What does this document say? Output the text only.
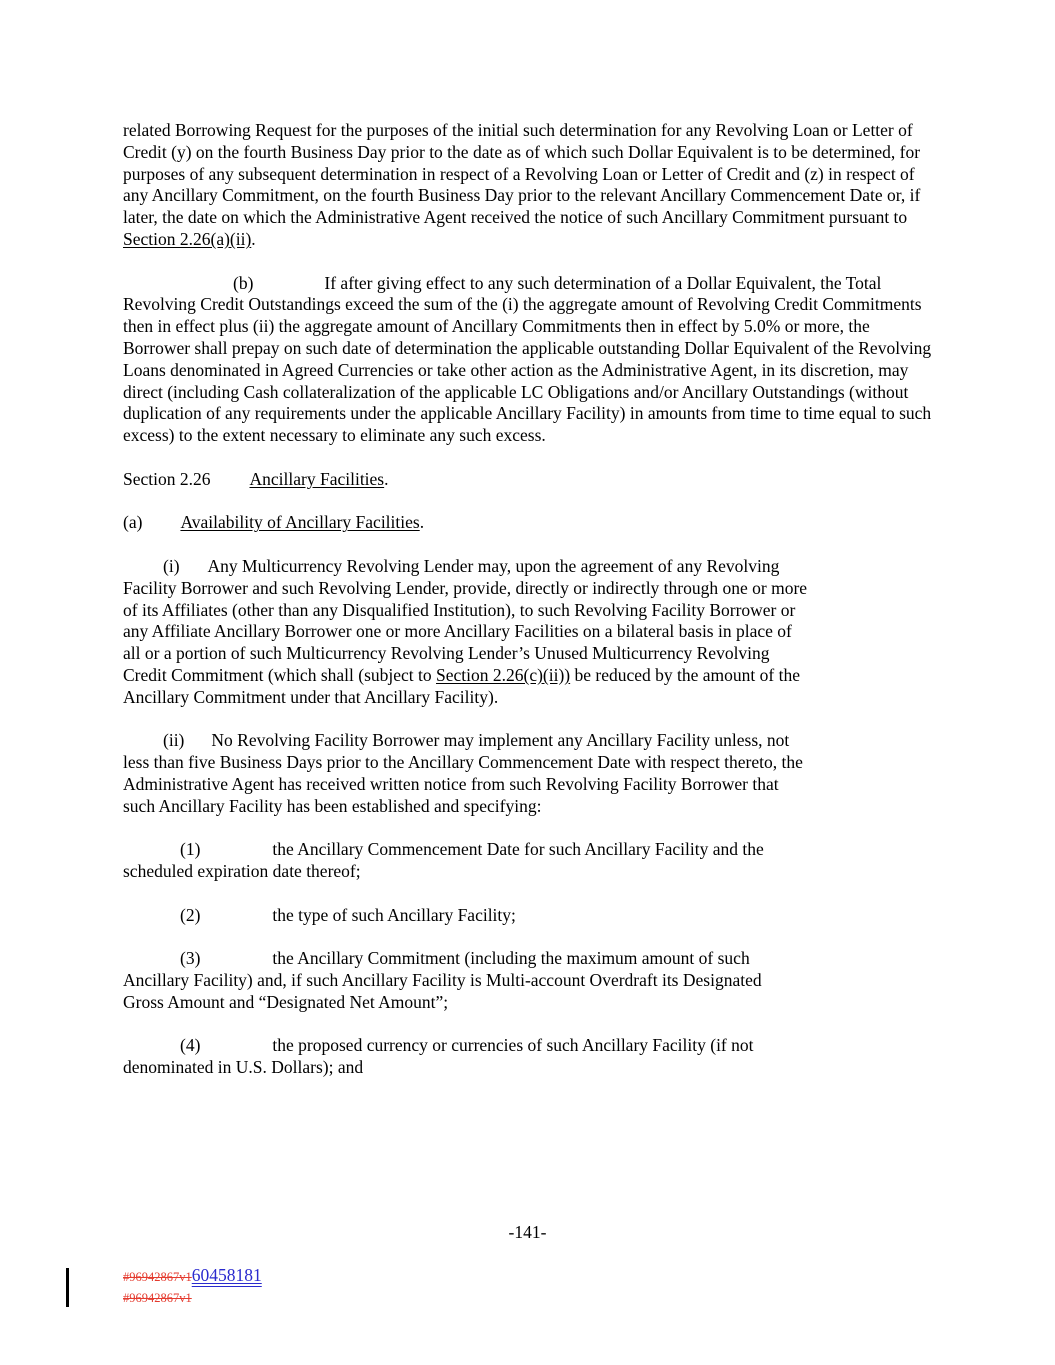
related Borrowing Request for the purposes of the initial such determination for any Revolving Loan or Letter of Credit (y) on the fourth Business Day prior to the date as of which such Dollar Equivalent is to be determined, for purposes of any subsequent determination in respect of a Revolving Loan or Letter of Credit and (z) in respect of any Ancillary Commitment, on the fourth Business Day prior to the relevant Ancillary Commencement Date or, if later, the date on which the Administrative Agent received the notice of such Ancillary Commitment pursuant to Section 2.26(a)(ii).

(b)	If after giving effect to any such determination of a Dollar Equivalent, the Total Revolving Credit Outstandings exceed the sum of the (i) the aggregate amount of Revolving Credit Commitments then in effect plus (ii) the aggregate amount of Ancillary Commitments then in effect by 5.0% or more, the Borrower shall prepay on such date of determination the applicable outstanding Dollar Equivalent of the Revolving Loans denominated in Agreed Currencies or take other action as the Administrative Agent, in its discretion, may direct (including Cash collateralization of the applicable LC Obligations and/or Ancillary Outstandings (without duplication of any requirements under the applicable Ancillary Facility) in amounts from time to time equal to such excess) to the extent necessary to eliminate any such excess.

Section 2.26 Ancillary Facilities.

(a) Availability of Ancillary Facilities.

(i) Any Multicurrency Revolving Lender may, upon the agreement of any Revolving Facility Borrower and such Revolving Lender, provide, directly or indirectly through one or more of its Affiliates (other than any Disqualified Institution), to such Revolving Facility Borrower or any Affiliate Ancillary Borrower one or more Ancillary Facilities on a bilateral basis in place of all or a portion of such Multicurrency Revolving Lender’s Unused Multicurrency Revolving Credit Commitment (which shall (subject to Section 2.26(c)(ii)) be reduced by the amount of the Ancillary Commitment under that Ancillary Facility).

(ii) No Revolving Facility Borrower may implement any Ancillary Facility unless, not less than five Business Days prior to the Ancillary Commencement Date with respect thereto, the Administrative Agent has received written notice from such Revolving Facility Borrower that such Ancillary Facility has been established and specifying:

(1)	the Ancillary Commencement Date for such Ancillary Facility and the scheduled expiration date thereof;

(2)	the type of such Ancillary Facility;

(3)	the Ancillary Commitment (including the maximum amount of such Ancillary Facility) and, if such Ancillary Facility is Multi-account Overdraft its Designated Gross Amount and “Designated Net Amount”;

(4)	the proposed currency or currencies of such Ancillary Facility (if not denominated in U.S. Dollars); and

-141-
#96942867v160458181
#96942867v1
